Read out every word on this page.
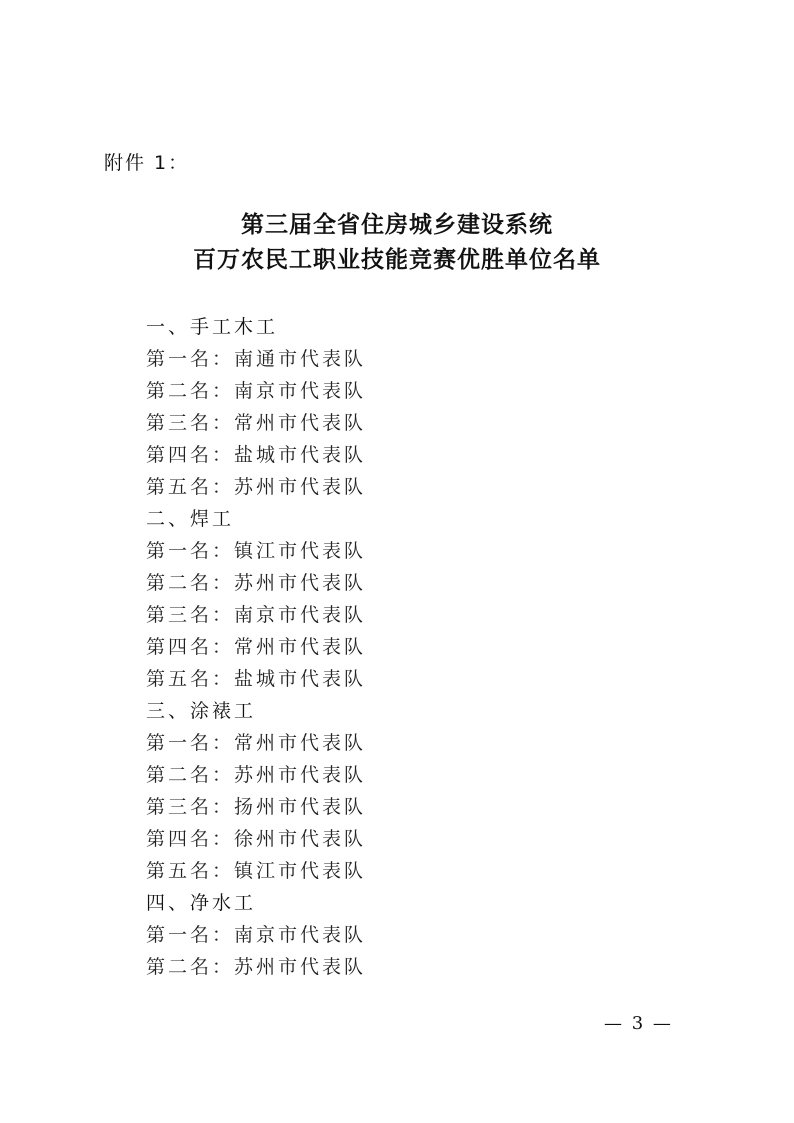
附件 1：
第三届全省住房城乡建设系统
百万农民工职业技能竞赛优胜单位名单
一、手工木工
第一名：南通市代表队
第二名：南京市代表队
第三名：常州市代表队
第四名：盐城市代表队
第五名：苏州市代表队
二、焊工
第一名：镇江市代表队
第二名：苏州市代表队
第三名：南京市代表队
第四名：常州市代表队
第五名：盐城市代表队
三、涂裱工
第一名：常州市代表队
第二名：苏州市代表队
第三名：扬州市代表队
第四名：徐州市代表队
第五名：镇江市代表队
四、净水工
第一名：南京市代表队
第二名：苏州市代表队
— 3 —
